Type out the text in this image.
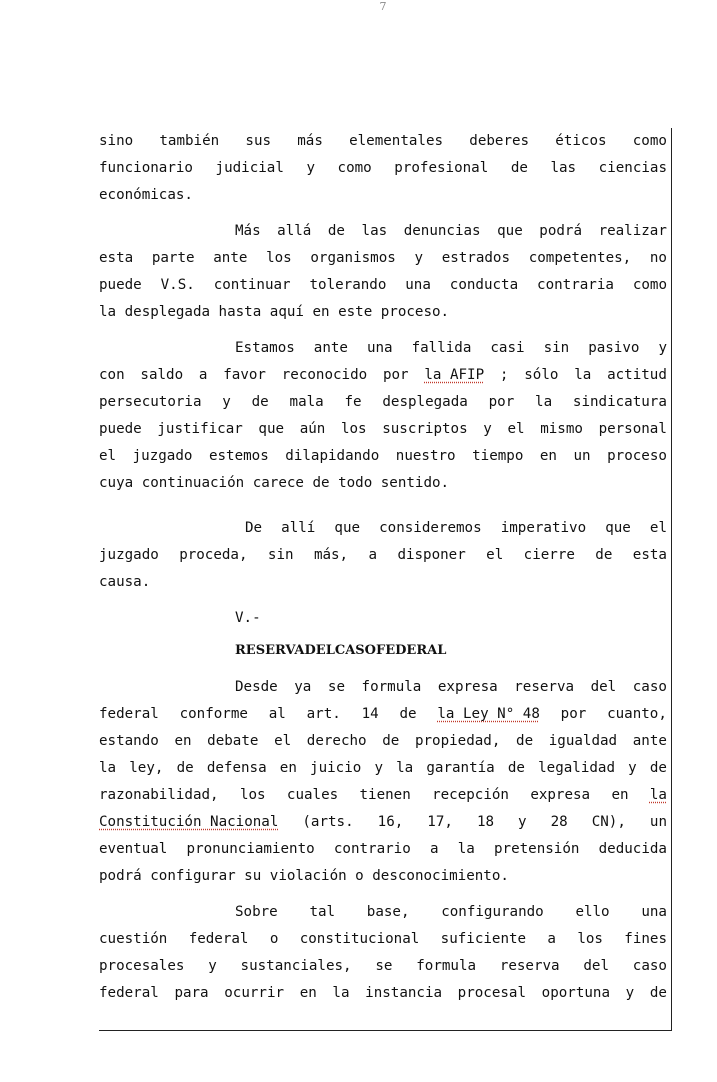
7
sino también sus más elementales deberes éticos como
funcionario judicial y como profesional de las ciencias
económicas.
Más allá de las denuncias que podrá realizar
esta parte ante los organismos y estrados competentes, no
puede V.S. continuar tolerando una conducta contraria como
la desplegada hasta aquí en este proceso.
Estamos ante una fallida casi sin pasivo y
con saldo a favor reconocido por la AFIP ; sólo la actitud
persecutoria y de mala fe desplegada por la sindicatura
puede justificar que aún los suscriptos y el mismo personal
el juzgado estemos dilapidando nuestro tiempo en un proceso
cuya continuación carece de todo sentido.
De allí que consideremos imperativo que el
juzgado proceda, sin más, a disponer el cierre de esta
causa.
V.-
RESERVA DEL CASO FEDERAL
Desde ya se formula expresa reserva del caso
federal conforme al art. 14 de la Ley N° 48 por cuanto,
estando en debate el derecho de propiedad, de igualdad ante
la ley, de defensa en juicio y la garantía de legalidad y de
razonabilidad, los cuales tienen recepción expresa en la
Constitución Nacional (arts. 16, 17, 18 y 28 CN), un
eventual pronunciamiento contrario a la pretensión deducida
podrá configurar su violación o desconocimiento.
Sobre tal base, configurando ello una
cuestión federal o constitucional suficiente a los fines
procesales y sustanciales, se formula reserva del caso
federal para ocurrir en la instancia procesal oportuna y de
